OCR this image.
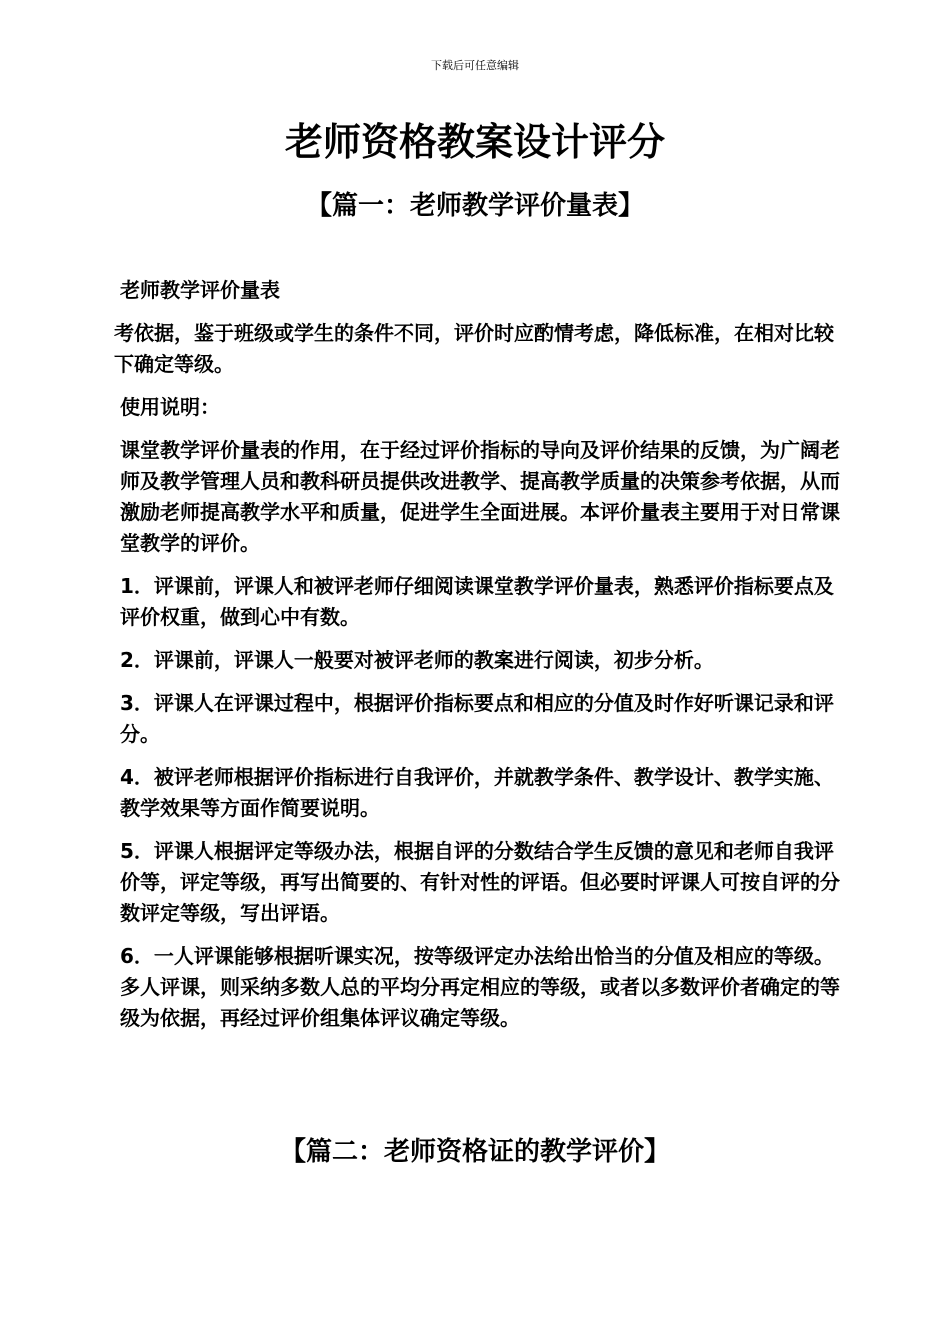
下载后可任意编辑
老师资格教案设计评分
【篇一：老师教学评价量表】

老师教学评价量表

考依据，鉴于班级或学生的条件不同，评价时应酌情考虑，降低标准，在相对比较下确定等级。

使用说明：

课堂教学评价量表的作用，在于经过评价指标的导向及评价结果的反馈，为广阔老师及教学管理人员和教科研员提供改进教学、提高教学质量的决策参考依据，从而激励老师提高教学水平和质量，促进学生全面进展。本评价量表主要用于对日常课堂教学的评价。

1．评课前，评课人和被评老师仔细阅读课堂教学评价量表，熟悉评价指标要点及评价权重，做到心中有数。

2．评课前，评课人一般要对被评老师的教案进行阅读，初步分析。

3．评课人在评课过程中，根据评价指标要点和相应的分值及时作好听课记录和评分。

4．被评老师根据评价指标进行自我评价，并就教学条件、教学设计、教学实施、教学效果等方面作简要说明。

5．评课人根据评定等级办法，根据自评的分数结合学生反馈的意见和老师自我评价等，评定等级，再写出简要的、有针对性的评语。但必要时评课人可按自评的分数评定等级，写出评语。

6．一人评课能够根据听课实况，按等级评定办法给出恰当的分值及相应的等级。多人评课，则采纳多数人总的平均分再定相应的等级，或者以多数评价者确定的等级为依据，再经过评价组集体评议确定等级。

【篇二：老师资格证的教学评价】
